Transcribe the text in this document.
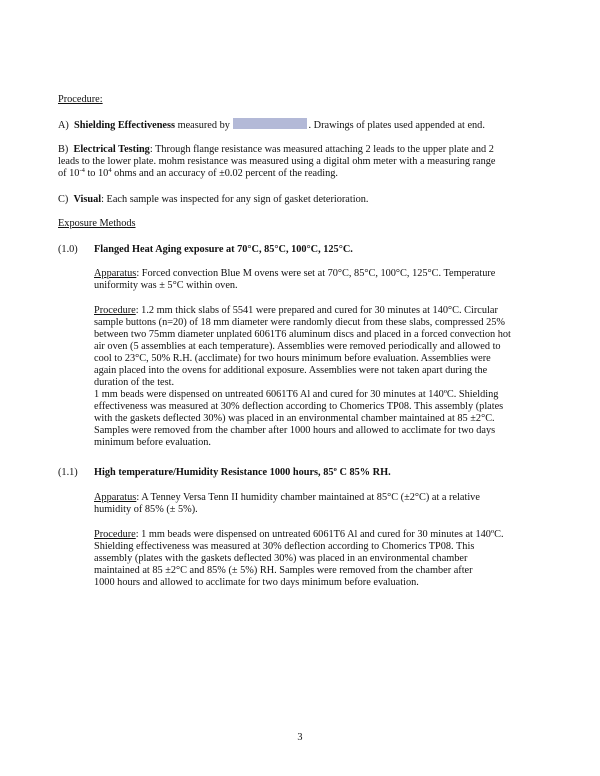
Procedure:
A) Shielding Effectiveness measured by	. Drawings of plates used appended at end.
B) Electrical Testing: Through flange resistance was measured attaching 2 leads to the upper plate and 2
leads to the lower plate. mohm resistance was measured using a digital ohm meter with a measuring range
of $10^{-4}$ to $10^4$ ohms and an accuracy of ±0.02 percent of the reading.
C) Visual: Each sample was inspected for any sign of gasket deterioration.
Exposure Methods
(1.0) Flanged Heat Aging exposure at 70°C, 85°C, 100°C, 125°C.
Apparatus: Forced convection Blue M ovens were set at 70°C, 85°C, 100°C, 125°C. Temperature
uniformity was ± 5°C within oven.
Procedure: 1.2 mm thick slabs of 5541 were prepared and cured for 30 minutes at 140°C. Circular
sample buttons (n=20) of 18 mm diameter were randomly diecut from these slabs, compressed 25%
between two 75mm diameter unplated 6061T6 aluminum discs and placed in a forced convection hot
air oven (5 assemblies at each temperature). Assemblies were removed periodically and allowed to
cool to 23°C, 50% R.H. (acclimate) for two hours minimum before evaluation. Assemblies were
again placed into the ovens for additional exposure. Assemblies were not taken apart during the
duration of the test.
1 mm beads were dispensed on untreated 6061T6 Al and cured for 30 minutes at 140ºC. Shielding
effectiveness was measured at 30% deflection according to Chomerics TP08. This assembly (plates
with the gaskets deflected 30%) was placed in an environmental chamber maintained at 85 ±2°C.
Samples were removed from the chamber after 1000 hours and allowed to acclimate for two days
minimum before evaluation.
(1.1) High temperature/Humidity Resistance 1000 hours, 85º C 85% RH.
Apparatus: A Tenney Versa Tenn II humidity chamber maintained at 85°C (±2°C) at a relative
humidity of 85% (± 5%).
Procedure: 1 mm beads were dispensed on untreated 6061T6 Al and cured for 30 minutes at 140ºC.
Shielding effectiveness was measured at 30% deflection according to Chomerics TP08. This
assembly (plates with the gaskets deflected 30%) was placed in an environmental chamber
maintained at 85 ±2°C and 85% (± 5%) RH. Samples were removed from the chamber after
1000 hours and allowed to acclimate for two days minimum before evaluation.
3
